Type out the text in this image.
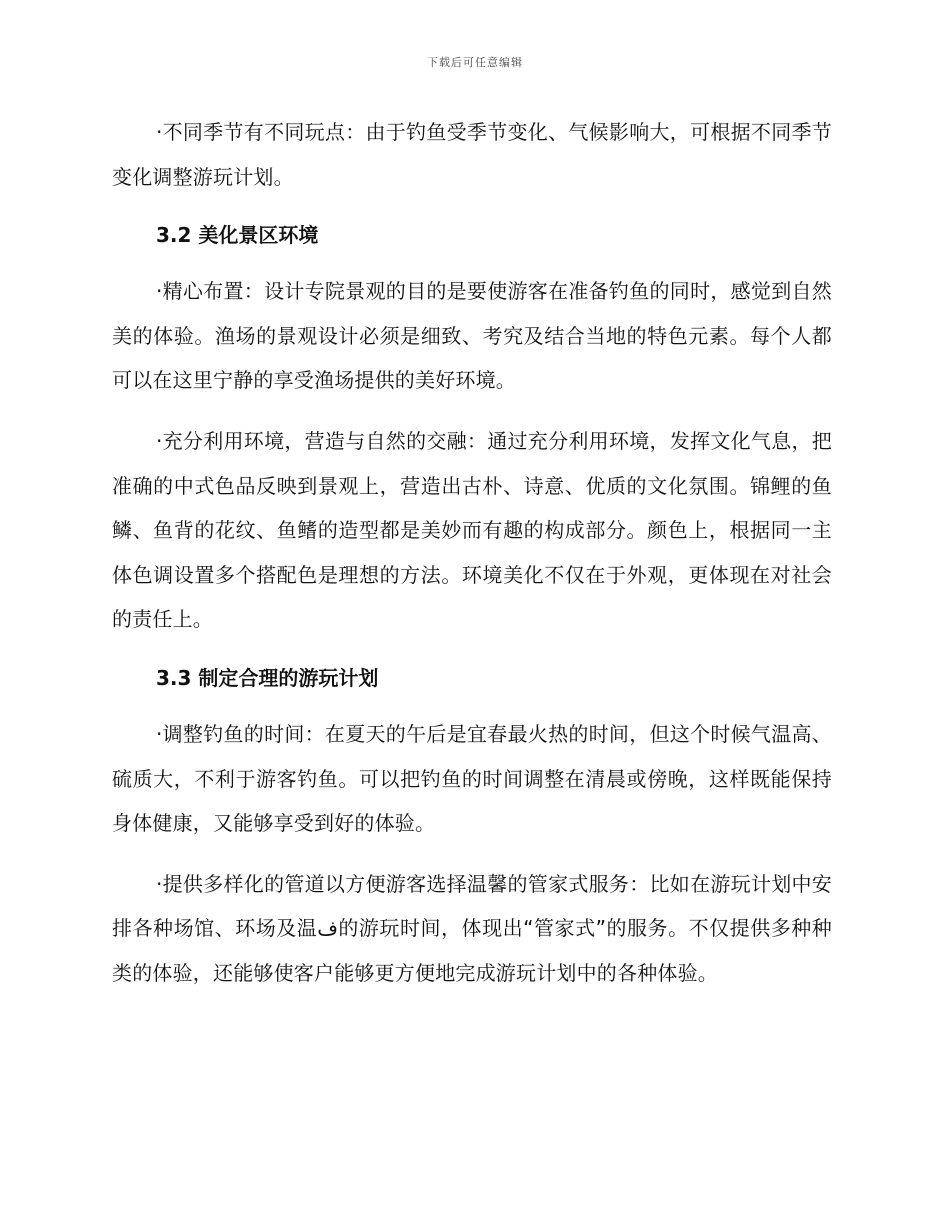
下载后可任意编辑

·不同季节有不同玩点：由于钓鱼受季节变化、气候影响大，可根据不同季节变化调整游玩计划。

3.2 美化景区环境

·精心布置：设计专院景观的目的是要使游客在准备钓鱼的同时，感觉到自然美的体验。渔场的景观设计必须是细致、考究及结合当地的特色元素。每个人都可以在这里宁静的享受渔场提供的美好环境。

·充分利用环境，营造与自然的交融：通过充分利用环境，发挥文化气息，把准确的中式色品反映到景观上，营造出古朴、诗意、优质的文化氛围。锦鲤的鱼鳞、鱼背的花纹、鱼鳍的造型都是美妙而有趣的构成部分。颜色上，根据同一主体色调设置多个搭配色是理想的方法。环境美化不仅在于外观，更体现在对社会的责任上。

3.3 制定合理的游玩计划

·调整钓鱼的时间：在夏天的午后是宜春最火热的时间，但这个时候气温高、硫质大，不利于游客钓鱼。可以把钓鱼的时间调整在清晨或傍晚，这样既能保持身体健康，又能够享受到好的体验。

·提供多样化的管道以方便游客选择温馨的管家式服务：比如在游玩计划中安排各种场馆、环场及温ف的游玩时间，体现出“管家式”的服务。不仅提供多种种类的体验，还能够使客户能够更方便地完成游玩计划中的各种体验。
